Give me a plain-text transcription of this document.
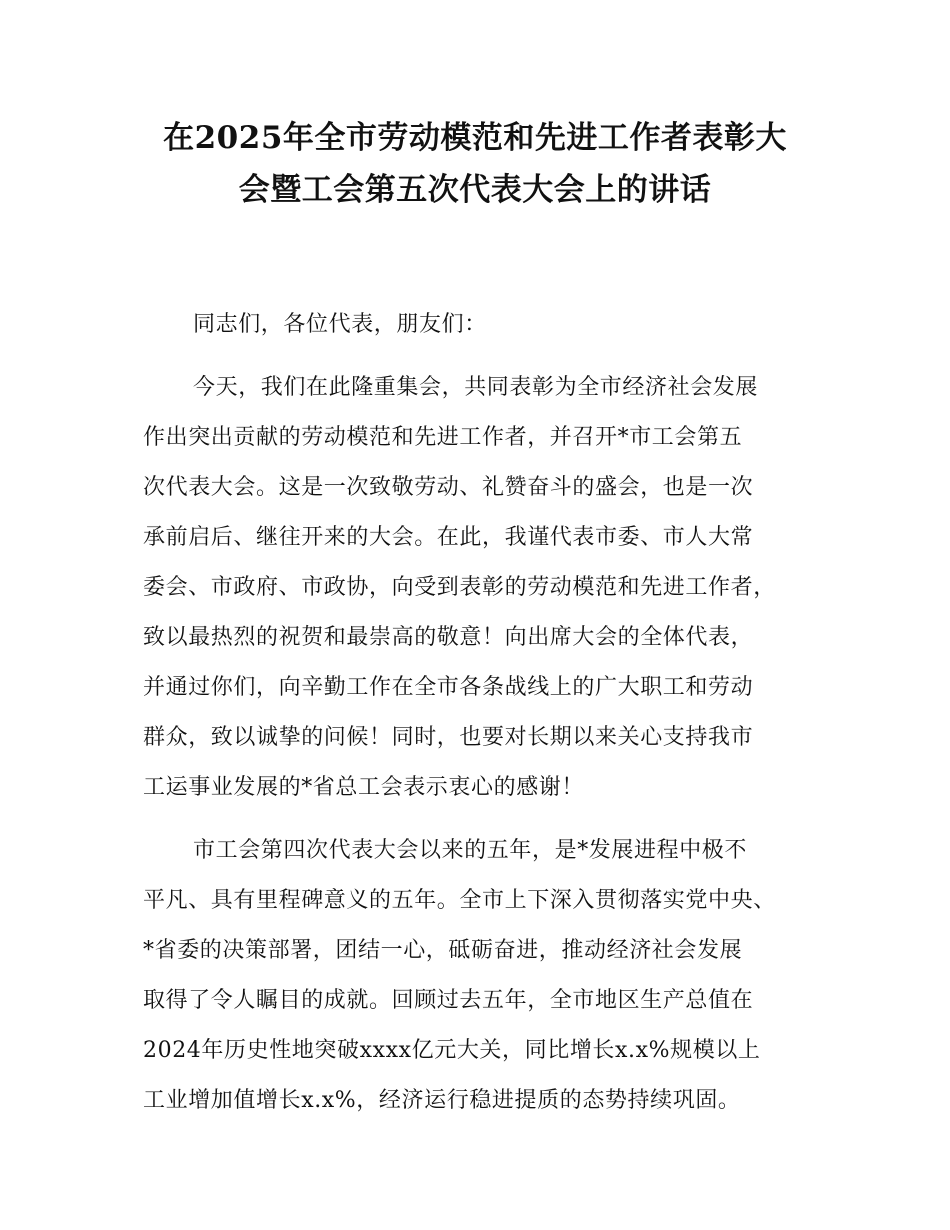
在2025年全市劳动模范和先进工作者表彰大
会暨工会第五次代表大会上的讲话

同志们，各位代表，朋友们：

今天，我们在此隆重集会，共同表彰为全市经济社会发展
作出突出贡献的劳动模范和先进工作者，并召开*市工会第五
次代表大会。这是一次致敬劳动、礼赞奋斗的盛会，也是一次
承前启后、继往开来的大会。在此，我谨代表市委、市人大常
委会、市政府、市政协，向受到表彰的劳动模范和先进工作者，
致以最热烈的祝贺和最崇高的敬意！向出席大会的全体代表，
并通过你们，向辛勤工作在全市各条战线上的广大职工和劳动
群众，致以诚挚的问候！同时，也要对长期以来关心支持我市
工运事业发展的*省总工会表示衷心的感谢！

市工会第四次代表大会以来的五年，是*发展进程中极不
平凡、具有里程碑意义的五年。全市上下深入贯彻落实党中央、
*省委的决策部署，团结一心，砥砺奋进，推动经济社会发展
取得了令人瞩目的成就。回顾过去五年，全市地区生产总值在
2024年历史性地突破xxxx亿元大关，同比增长x.x%规模以上
工业增加值增长x.x%，经济运行稳进提质的态势持续巩固。
